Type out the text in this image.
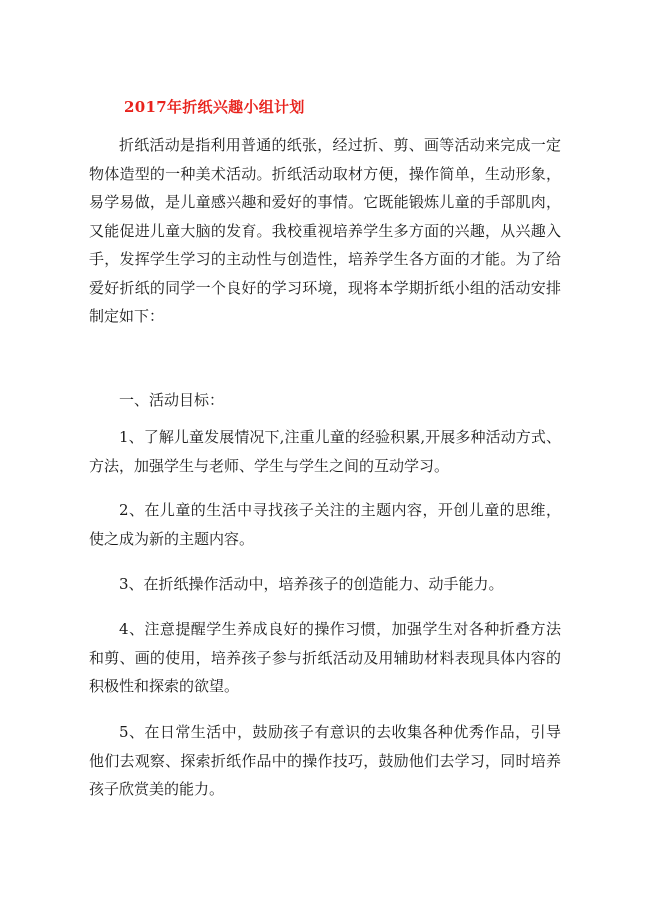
2017年折纸兴趣小组计划

折纸活动是指利用普通的纸张，经过折、剪、画等活动来完成一定物体造型的一种美术活动。折纸活动取材方便，操作简单，生动形象，易学易做，是儿童感兴趣和爱好的事情。它既能锻炼儿童的手部肌肉，又能促进儿童大脑的发育。我校重视培养学生多方面的兴趣，从兴趣入手，发挥学生学习的主动性与创造性，培养学生各方面的才能。为了给爱好折纸的同学一个良好的学习环境，现将本学期折纸小组的活动安排制定如下：

一、活动目标：

1、了解儿童发展情况下,注重儿童的经验积累,开展多种活动方式、方法，加强学生与老师、学生与学生之间的互动学习。

2、在儿童的生活中寻找孩子关注的主题内容，开创儿童的思维，使之成为新的主题内容。

3、在折纸操作活动中，培养孩子的创造能力、动手能力。

4、注意提醒学生养成良好的操作习惯，加强学生对各种折叠方法和剪、画的使用，培养孩子参与折纸活动及用辅助材料表现具体内容的积极性和探索的欲望。

5、在日常生活中，鼓励孩子有意识的去收集各种优秀作品，引导他们去观察、探索折纸作品中的操作技巧，鼓励他们去学习，同时培养孩子欣赏美的能力。
